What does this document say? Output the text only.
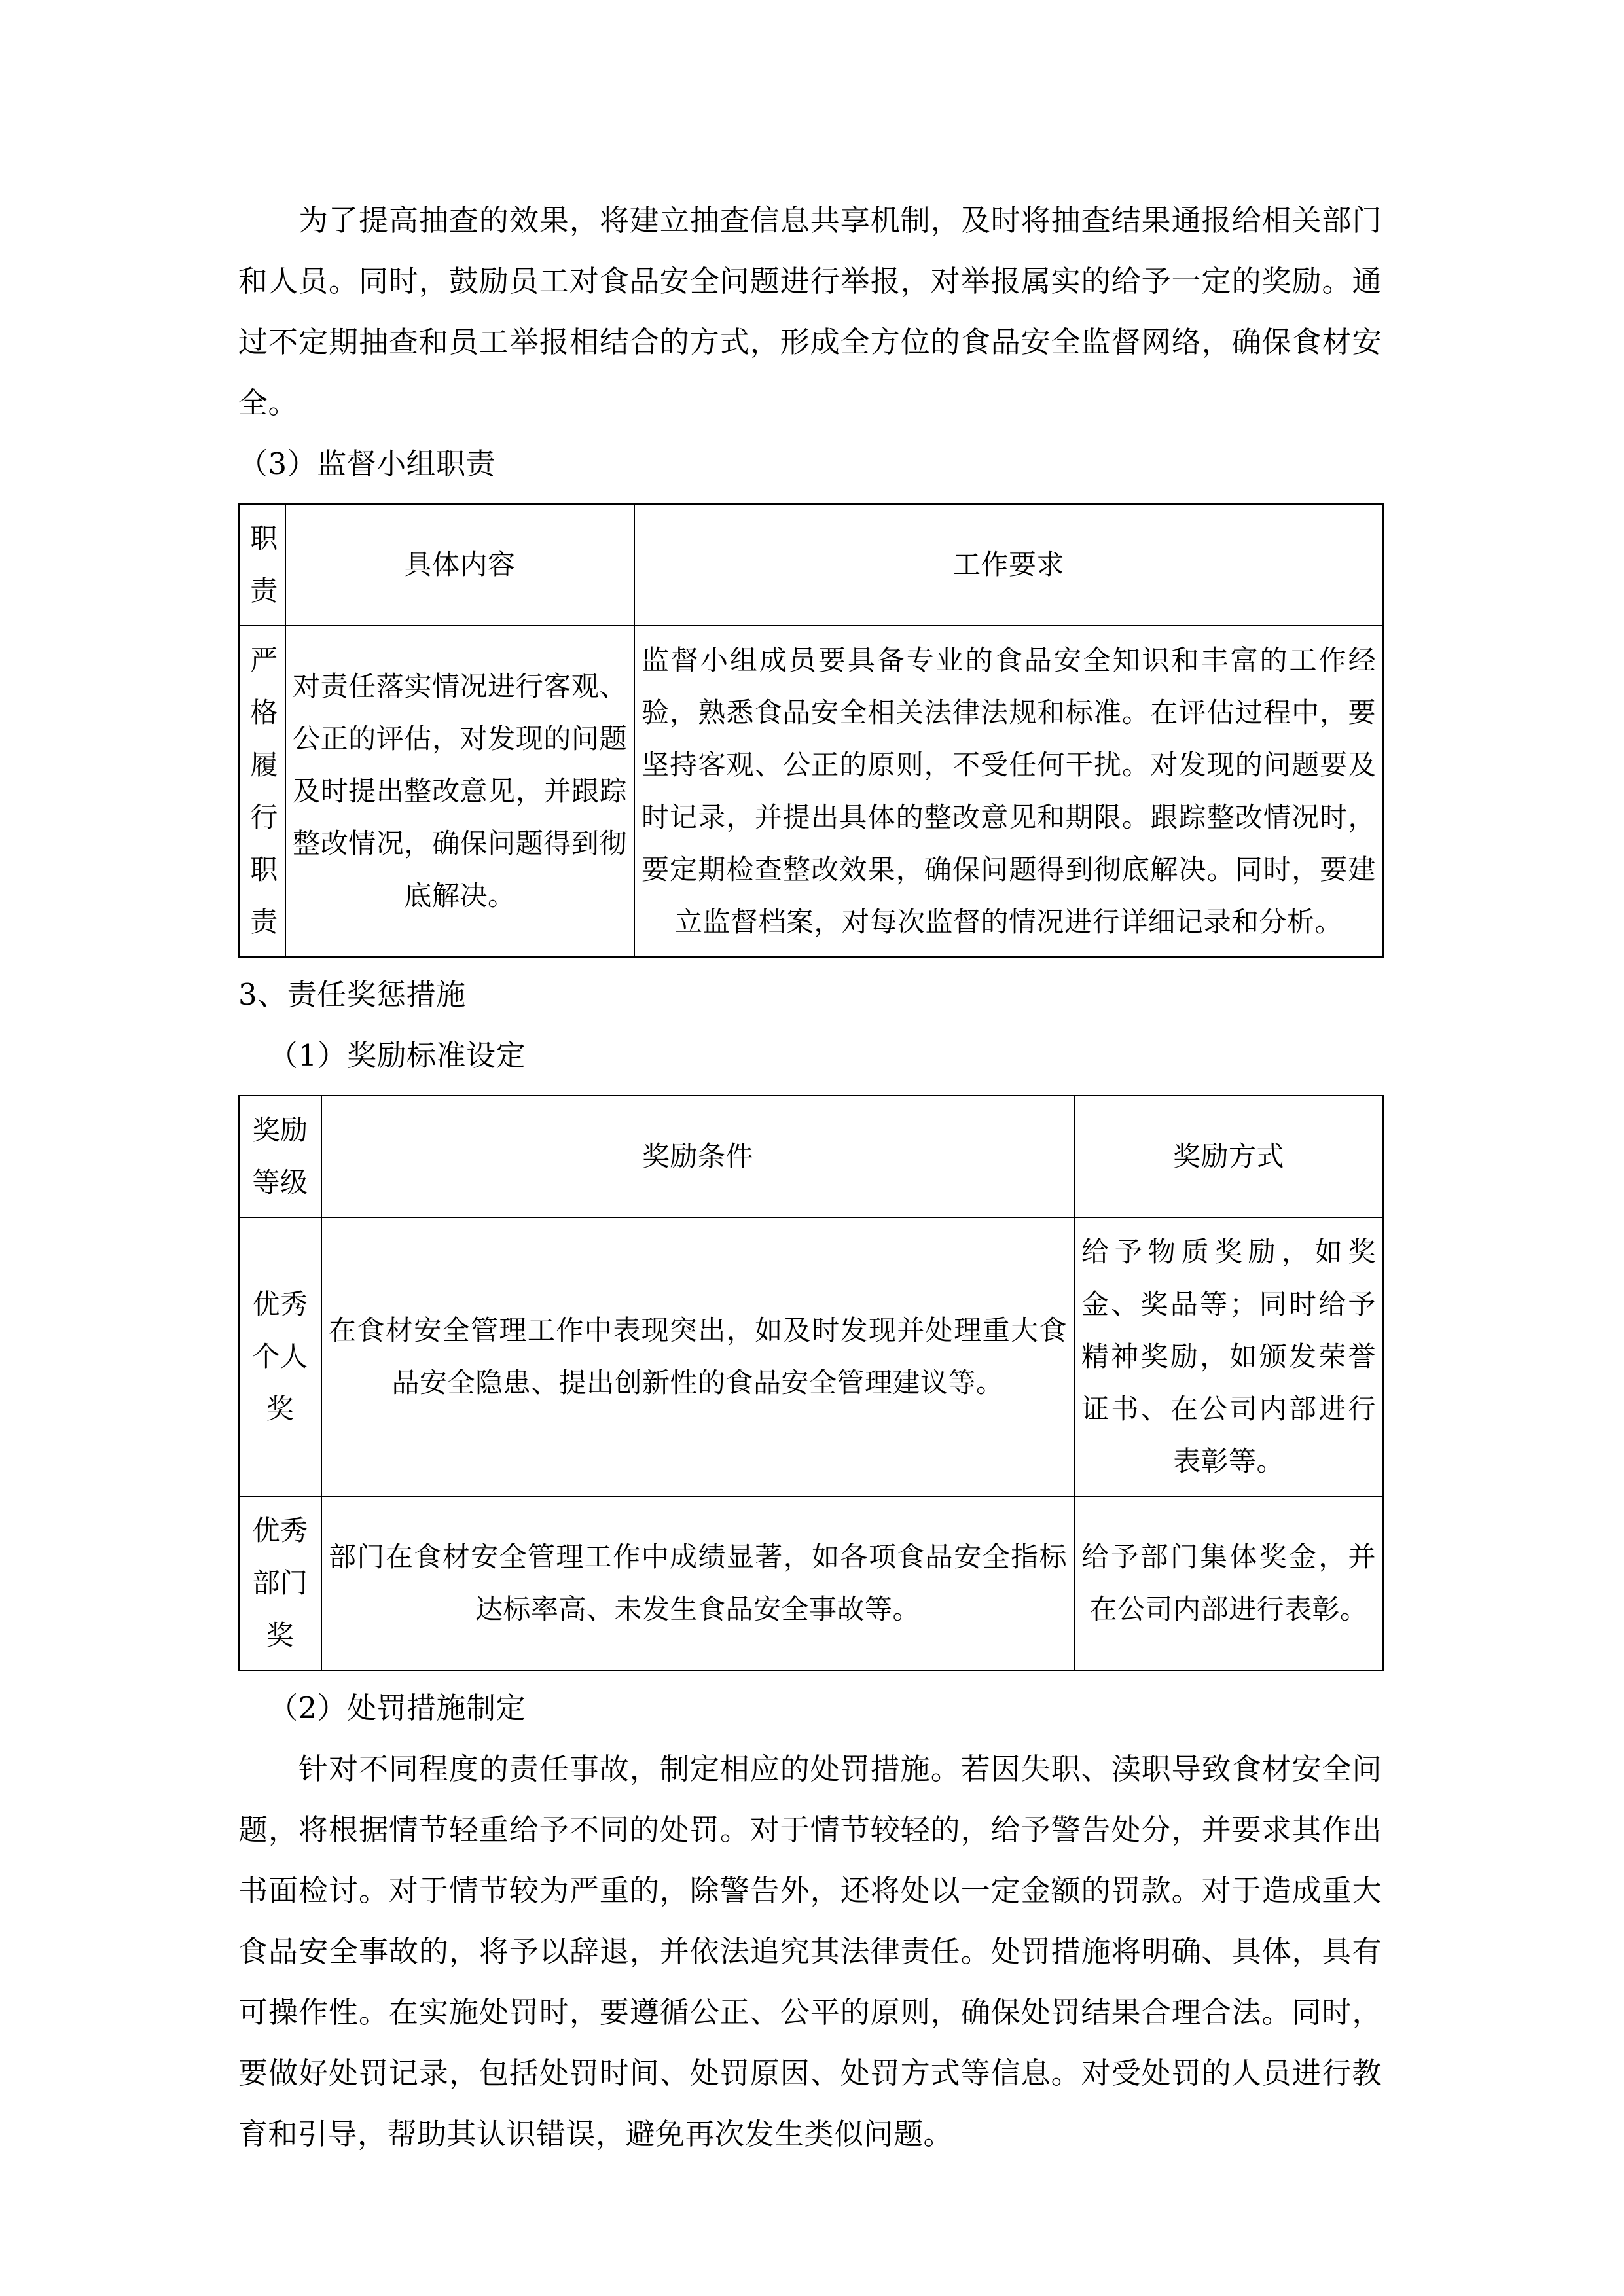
为了提高抽查的效果，将建立抽查信息共享机制，及时将抽查结果通报给相关部门和人员。同时，鼓励员工对食品安全问题进行举报，对举报属实的给予一定的奖励。通过不定期抽查和员工举报相结合的方式，形成全方位的食品安全监督网络，确保食材安全。

（3）监督小组职责

职责	具体内容	工作要求

严格履行职责	对责任落实情况进行客观、公正的评估，对发现的问题及时提出整改意见，并跟踪整改情况，确保问题得到彻底解决。	监督小组成员要具备专业的食品安全知识和丰富的工作经验，熟悉食品安全相关法律法规和标准。在评估过程中，要坚持客观、公正的原则，不受任何干扰。对发现的问题要及时记录，并提出具体的整改意见和期限。跟踪整改情况时，要定期检查整改效果，确保问题得到彻底解决。同时，要建立监督档案，对每次监督的情况进行详细记录和分析。

3、责任奖惩措施

（1）奖励标准设定

奖励等级	奖励条件	奖励方式

优秀个人奖	在食材安全管理工作中表现突出，如及时发现并处理重大食品安全隐患、提出创新性的食品安全管理建议等。	给予物质奖励，如奖金、奖品等；同时给予精神奖励，如颁发荣誉证书、在公司内部进行表彰等。

优秀部门奖	部门在食材安全管理工作中成绩显著，如各项食品安全指标达标率高、未发生食品安全事故等。	给予部门集体奖金，并在公司内部进行表彰。

（2）处罚措施制定

针对不同程度的责任事故，制定相应的处罚措施。若因失职、渎职导致食材安全问题，将根据情节轻重给予不同的处罚。对于情节较轻的，给予警告处分，并要求其作出书面检讨。对于情节较为严重的，除警告外，还将处以一定金额的罚款。对于造成重大食品安全事故的，将予以辞退，并依法追究其法律责任。处罚措施将明确、具体，具有可操作性。在实施处罚时，要遵循公正、公平的原则，确保处罚结果合理合法。同时，要做好处罚记录，包括处罚时间、处罚原因、处罚方式等信息。对受处罚的人员进行教育和引导，帮助其认识错误，避免再次发生类似问题。
